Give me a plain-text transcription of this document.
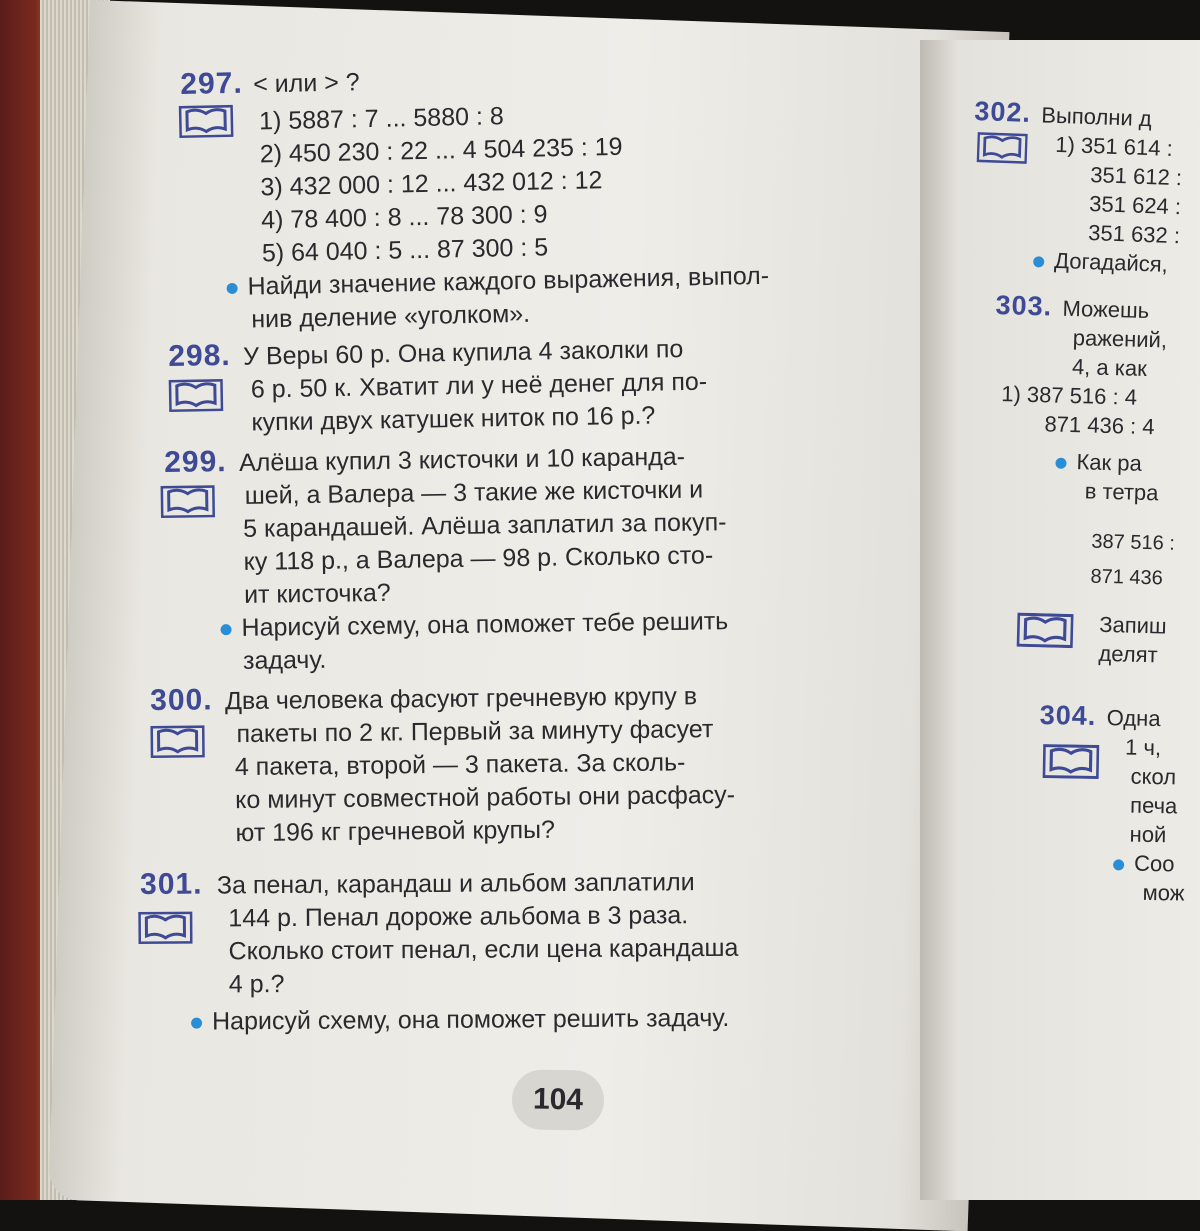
297. < или > ?
1) 5887 : 7 ... 5880 : 8
2) 450 230 : 22 ... 4 504 235 : 19
3) 432 000 : 12 ... 432 012 : 12
4) 78 400 : 8 ... 78 300 : 9
5) 64 040 : 5 ... 87 300 : 5
Найди значение каждого выражения, выпол-
нив деление «уголком».
298. У Веры 60 р. Она купила 4 заколки по
6 р. 50 к. Хватит ли у неё денег для по-
купки двух катушек ниток по 16 р.?
299. Алёша купил 3 кисточки и 10 каранда-
шей, а Валера — 3 такие же кисточки и
5 карандашей. Алёша заплатил за покуп-
ку 118 р., а Валера — 98 р. Сколько сто-
ит кисточка?
Нарисуй схему, она поможет тебе решить
задачу.
300. Два человека фасуют гречневую крупу в
пакеты по 2 кг. Первый за минуту фасует
4 пакета, второй — 3 пакета. За сколь-
ко минут совместной работы они расфасу-
ют 196 кг гречневой крупы?
301. За пенал, карандаш и альбом заплатили
144 р. Пенал дороже альбома в 3 раза.
Сколько стоит пенал, если цена карандаша
4 р.?
Нарисуй схему, она поможет решить задачу.
104
302. Выполни д
1) 351 614 :
351 612 :
351 624 :
351 632 :
Догадайся,
303. Можешь
ражений,
4, а как
1) 387 516 : 4
871 436 : 4
Как ра
в тетра
387 516 :
871 436
Запиш
делят
304. Одна
1 ч,
скол
печа
ной
Соо
мож
